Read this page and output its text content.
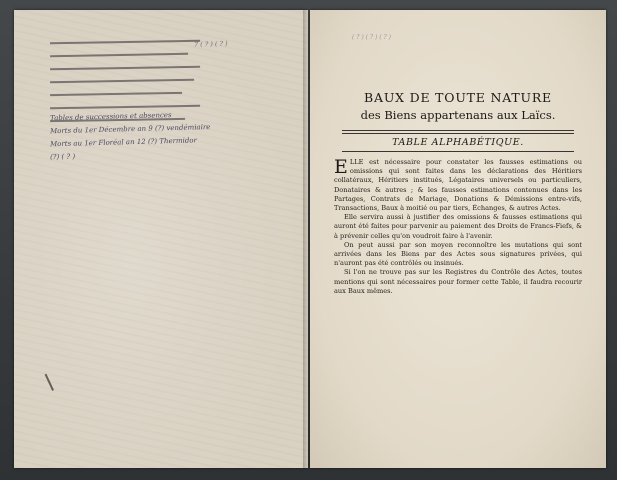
7 ( ? ) ( ? )
Tables de successions et absences
Morts du 1er Décembre an 9 (?) vendémiaire
Morts au 1er Floréal an 12 (?) Thermidor
(?) ( ? )
BAUX DE TOUTE NATURE
des Biens appartenans aux Laïcs.
TABLE ALPHABÉTIQUE.

ELLE est nécessaire pour constater les fausses estimations ou omissions qui sont faites dans les déclarations des Héritiers collatéraux, Héritiers institués, Légataires universels ou particuliers, Donataires & autres ; & les fausses estimations contenues dans les Partages, Contrats de Mariage, Donations & Démissions entre-vifs, Transactions, Baux à moitié ou par tiers, Échanges, & autres Actes.

Elle servira aussi à justifier des omissions & fausses estimations qui auront été faites pour parvenir au paiement des Droits de Francs-Fiefs, & à prévenir celles qu'on voudroit faire à l'avenir.

On peut aussi par son moyen reconnoître les mutations qui sont arrivées dans les Biens par des Actes sous signatures privées, qui n'auront pas été contrôlés ou insinués.

Si l'on ne trouve pas sur les Registres du Contrôle des Actes, toutes mentions qui sont nécessaires pour former cette Table, il faudra recourir aux Baux mêmes.

( ? ) ( ? ) ( ? )
